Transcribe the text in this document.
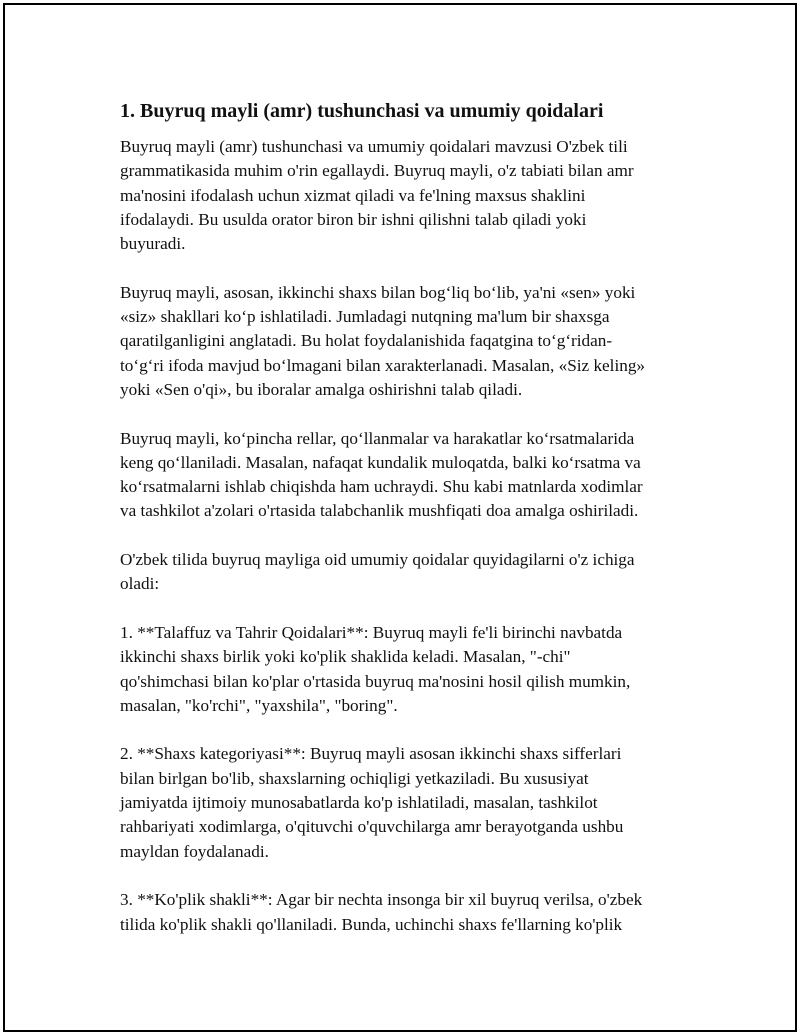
1. Buyruq mayli (amr) tushunchasi va umumiy qoidalari

Buyruq mayli (amr) tushunchasi va umumiy qoidalari mavzusi O'zbek tili
grammatikasida muhim o'rin egallaydi. Buyruq mayli, o'z tabiati bilan amr
ma'nosini ifodalash uchun xizmat qiladi va fe'lning maxsus shaklini
ifodalaydi. Bu usulda orator biron bir ishni qilishni talab qiladi yoki
buyuradi.

Buyruq mayli, asosan, ikkinchi shaxs bilan bog‘liq bo‘lib, ya'ni «sen» yoki
«siz» shakllari ko‘p ishlatiladi. Jumladagi nutqning ma'lum bir shaxsga
qaratilganligini anglatadi. Bu holat foydalanishida faqatgina to‘g‘ridan-
to‘g‘ri ifoda mavjud bo‘lmagani bilan xarakterlanadi. Masalan, «Siz keling»
yoki «Sen o'qi», bu iboralar amalga oshirishni talab qiladi.

Buyruq mayli, ko‘pincha rellar, qo‘llanmalar va harakatlar ko‘rsatmalarida
keng qo‘llaniladi. Masalan, nafaqat kundalik muloqatda, balki ko‘rsatma va
ko‘rsatmalarni ishlab chiqishda ham uchraydi. Shu kabi matnlarda xodimlar
va tashkilot a'zolari o'rtasida talabchanlik mushfiqati doa amalga oshiriladi.

O'zbek tilida buyruq mayliga oid umumiy qoidalar quyidagilarni o'z ichiga
oladi:

1. **Talaffuz va Tahrir Qoidalari**: Buyruq mayli fe'li birinchi navbatda
ikkinchi shaxs birlik yoki ko'plik shaklida keladi. Masalan, "-chi"
qo'shimchasi bilan ko'plar o'rtasida buyruq ma'nosini hosil qilish mumkin,
masalan, "ko'rchi", "yaxshila", "boring".

2. **Shaxs kategoriyasi**: Buyruq mayli asosan ikkinchi shaxs sifferlari
bilan birlgan bo'lib, shaxslarning ochiqligi yetkaziladi. Bu xususiyat
jamiyatda ijtimoiy munosabatlarda ko'p ishlatiladi, masalan, tashkilot
rahbariyati xodimlarga, o'qituvchi o'quvchilarga amr berayotganda ushbu
mayldan foydalanadi.

3. **Ko'plik shakli**: Agar bir nechta insonga bir xil buyruq verilsa, o'zbek
tilida ko'plik shakli qo'llaniladi. Bunda, uchinchi shaxs fe'llarning ko'plik
